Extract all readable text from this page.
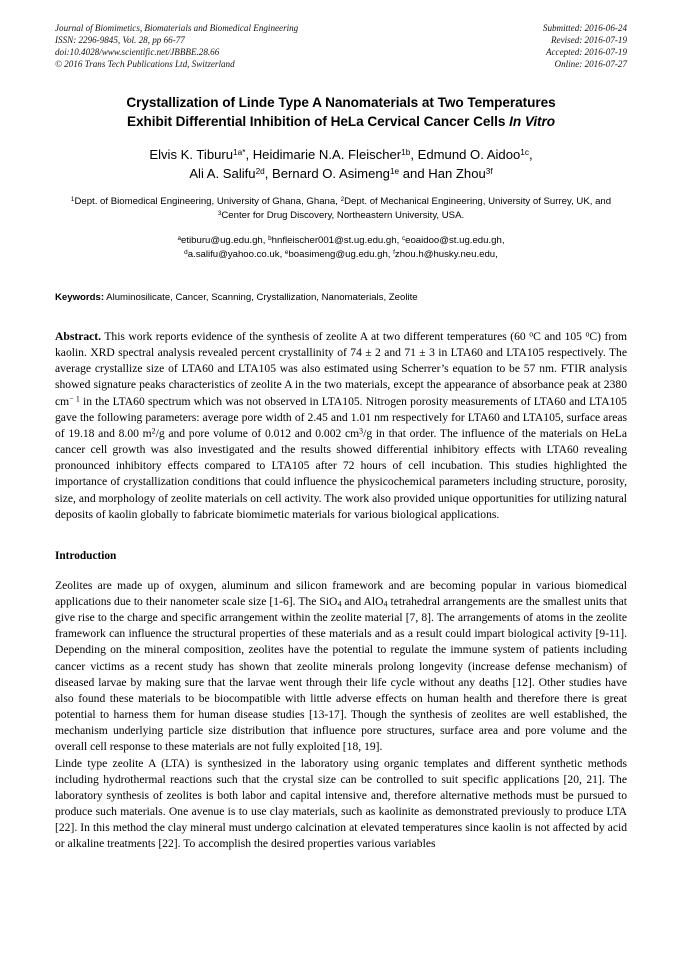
Journal of Biomimetics, Biomaterials and Biomedical Engineering
ISSN: 2296-9845, Vol. 28, pp 66-77
doi:10.4028/www.scientific.net/JBBBE.28.66
© 2016 Trans Tech Publications Ltd, Switzerland
Submitted: 2016-06-24
Revised: 2016-07-19
Accepted: 2016-07-19
Online: 2016-07-27
Crystallization of Linde Type A Nanomaterials at Two Temperatures
Exhibit Differential Inhibition of HeLa Cervical Cancer Cells In Vitro
Elvis K. Tiburu$^{1a*}$, Heidimarie N.A. Fleischer$^{1b}$, Edmund O. Aidoo$^{1c}$,
Ali A. Salifu$^{2d}$, Bernard O. Asimeng$^{1e}$ and Han Zhou$^{3f}$
$^1$Dept. of Biomedical Engineering, University of Ghana, Ghana, $^2$Dept. of Mechanical Engineering, University of Surrey, UK, and $^3$Center for Drug Discovery, Northeastern University, USA.
$^a$etiburu@ug.edu.gh, $^b$hnfleischer001@st.ug.edu.gh, $^c$eoaidoo@st.ug.edu.gh,
$^d$a.salifu@yahoo.co.uk, $^e$boasimeng@ug.edu.gh, $^f$zhou.h@husky.neu.edu,
Keywords: Aluminosilicate, Cancer, Scanning, Crystallization, Nanomaterials, Zeolite
Abstract. This work reports evidence of the synthesis of zeolite A at two different temperatures (60 $^o$C and 105 $^o$C) from kaolin. XRD spectral analysis revealed percent crystallinity of 74 ± 2 and 71 ± 3 in LTA60 and LTA105 respectively. The average crystallize size of LTA60 and LTA105 was also estimated using Scherrer’s equation to be 57 nm. FTIR analysis showed signature peaks characteristics of zeolite A in the two materials, except the appearance of absorbance peak at 2380 $cm^{- 1}$ in the LTA60 spectrum which was not observed in LTA105. Nitrogen porosity measurements of LTA60 and LTA105 gave the following parameters: average pore width of 2.45 and 1.01 nm respectively for LTA60 and LTA105, surface areas of 19.18 and 8.00 $m^2/g$ and pore volume of 0.012 and 0.002 $cm^3/g$ in that order. The influence of the materials on HeLa cancer cell growth was also investigated and the results showed differential inhibitory effects with LTA60 revealing pronounced inhibitory effects compared to LTA105 after 72 hours of cell incubation. This studies highlighted the importance of crystallization conditions that could influence the physicochemical parameters including structure, porosity, size, and morphology of zeolite materials on cell activity. The work also provided unique opportunities for utilizing natural deposits of kaolin globally to fabricate biomimetic materials for various biological applications.
Introduction
Zeolites are made up of oxygen, aluminum and silicon framework and are becoming popular in various biomedical applications due to their nanometer scale size [1-6]. The SiO$_4$ and AlO$_4$ tetrahedral arrangements are the smallest units that give rise to the charge and specific arrangement within the zeolite material [7, 8]. The arrangements of atoms in the zeolite framework can influence the structural properties of these materials and as a result could impart biological activity [9-11]. Depending on the mineral composition, zeolites have the potential to regulate the immune system of patients including cancer victims as a recent study has shown that zeolite minerals prolong longevity (increase defense mechanism) of diseased larvae by making sure that the larvae went through their life cycle without any deaths [12]. Other studies have also found these materials to be biocompatible with little adverse effects on human health and therefore there is great potential to harness them for human disease studies [13-17]. Though the synthesis of zeolites are well established, the mechanism underlying particle size distribution that influence pore structures, surface area and pore volume and the overall cell response to these materials are not fully exploited [18, 19].
Linde type zeolite A (LTA) is synthesized in the laboratory using organic templates and different synthetic methods including hydrothermal reactions such that the crystal size can be controlled to suit specific applications [20, 21]. The laboratory synthesis of zeolites is both labor and capital intensive and, therefore alternative methods must be pursued to produce such materials. One avenue is to use clay materials, such as kaolinite as demonstrated previously to produce LTA [22]. In this method the clay mineral must undergo calcination at elevated temperatures since kaolin is not affected by acid or alkaline treatments [22]. To accomplish the desired properties various variables
